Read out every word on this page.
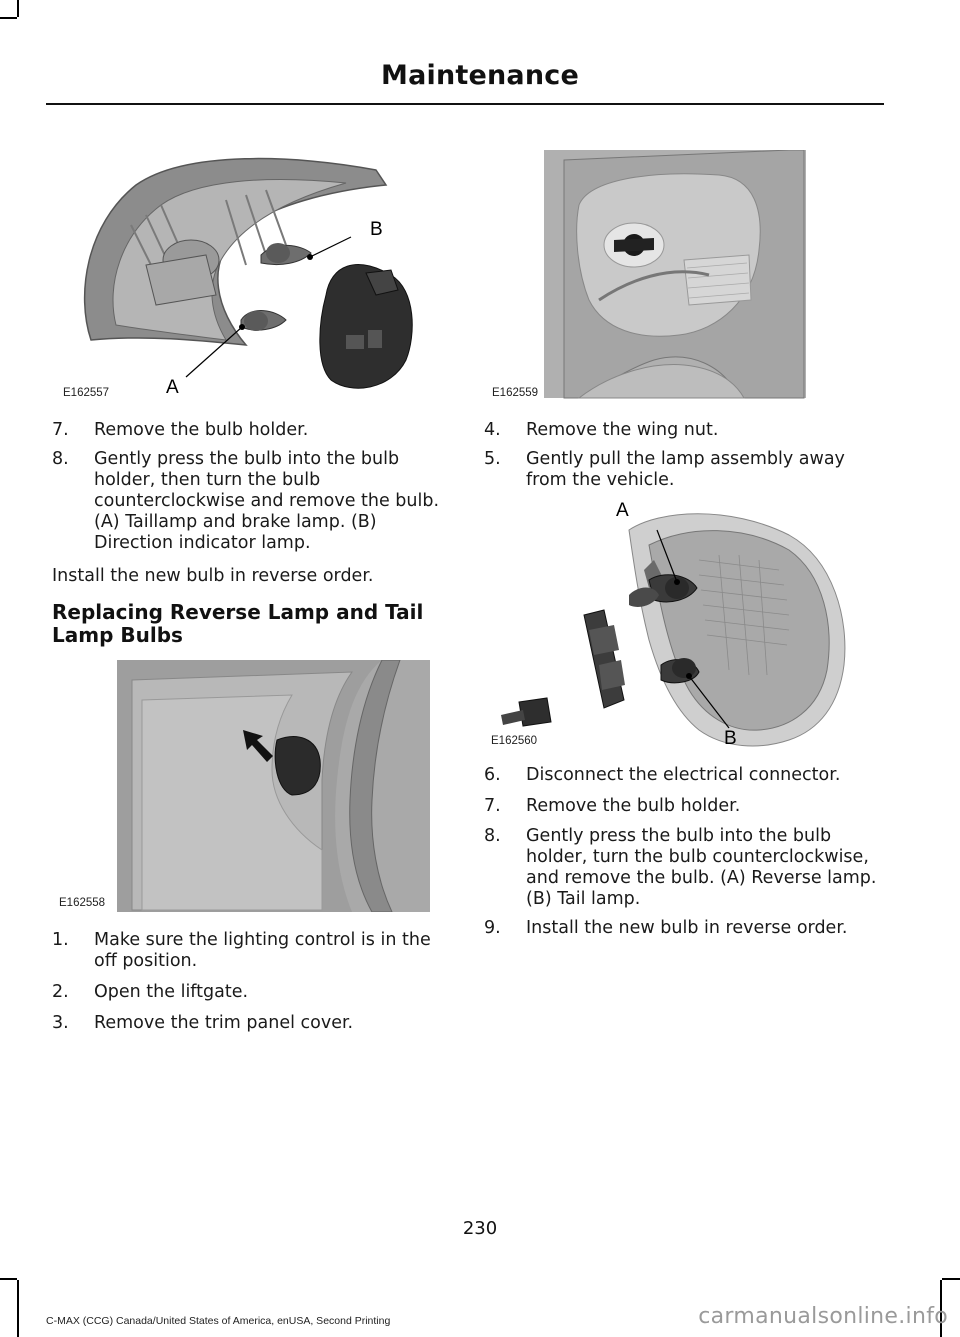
Maintenance
B
A
E162557	E162559
7. Remove the bulb holder.
8. Gently press the bulb into the bulb holder, then turn the bulb counterclockwise and remove the bulb. (A) Taillamp and brake lamp. (B) Direction indicator lamp.
Install the new bulb in reverse order.
Replacing Reverse Lamp and Tail Lamp Bulbs
E162558
1. Make sure the lighting control is in the off position.
2. Open the liftgate.
3. Remove the trim panel cover.
4. Remove the wing nut.
5. Gently pull the lamp assembly away from the vehicle.
A
B
E162560
6. Disconnect the electrical connector.
7. Remove the bulb holder.
8. Gently press the bulb into the bulb holder, turn the bulb counterclockwise, and remove the bulb. (A) Reverse lamp. (B) Tail lamp.
9. Install the new bulb in reverse order.
230
C-MAX (CCG) Canada/United States of America, enUSA, Second Printing	carmanualsonline.info
